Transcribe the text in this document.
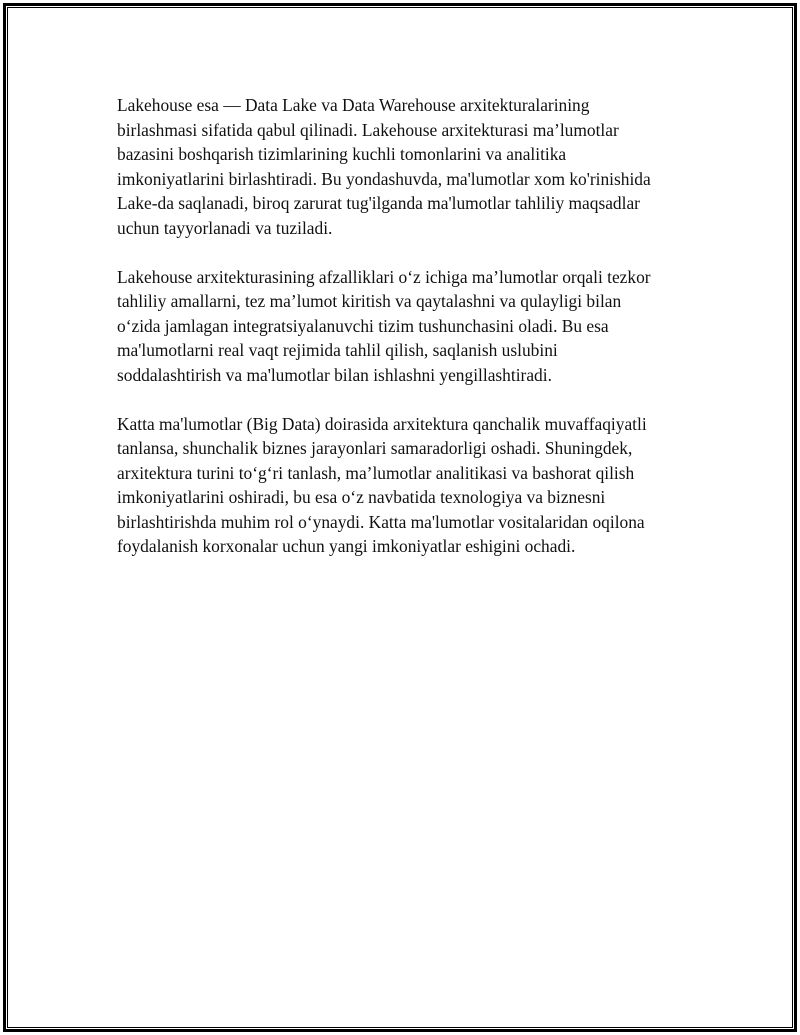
Lakehouse esa — Data Lake va Data Warehouse arxitekturalarining
birlashmasi sifatida qabul qilinadi. Lakehouse arxitekturasi ma’lumotlar
bazasini boshqarish tizimlarining kuchli tomonlarini va analitika
imkoniyatlarini birlashtiradi. Bu yondashuvda, ma'lumotlar xom ko'rinishida
Lake-da saqlanadi, biroq zarurat tug'ilganda ma'lumotlar tahliliy maqsadlar
uchun tayyorlanadi va tuziladi.

Lakehouse arxitekturasining afzalliklari o‘z ichiga ma’lumotlar orqali tezkor
tahliliy amallarni, tez ma’lumot kiritish va qaytalashni va qulayligi bilan
o‘zida jamlagan integratsiyalanuvchi tizim tushunchasini oladi. Bu esa
ma'lumotlarni real vaqt rejimida tahlil qilish, saqlanish uslubini
soddalashtirish va ma'lumotlar bilan ishlashni yengillashtiradi.

Katta ma'lumotlar (Big Data) doirasida arxitektura qanchalik muvaffaqiyatli
tanlansa, shunchalik biznes jarayonlari samaradorligi oshadi. Shuningdek,
arxitektura turini to‘g‘ri tanlash, ma’lumotlar analitikasi va bashorat qilish
imkoniyatlarini oshiradi, bu esa o‘z navbatida texnologiya va biznesni
birlashtirishda muhim rol o‘ynaydi. Katta ma'lumotlar vositalaridan oqilona
foydalanish korxonalar uchun yangi imkoniyatlar eshigini ochadi.
